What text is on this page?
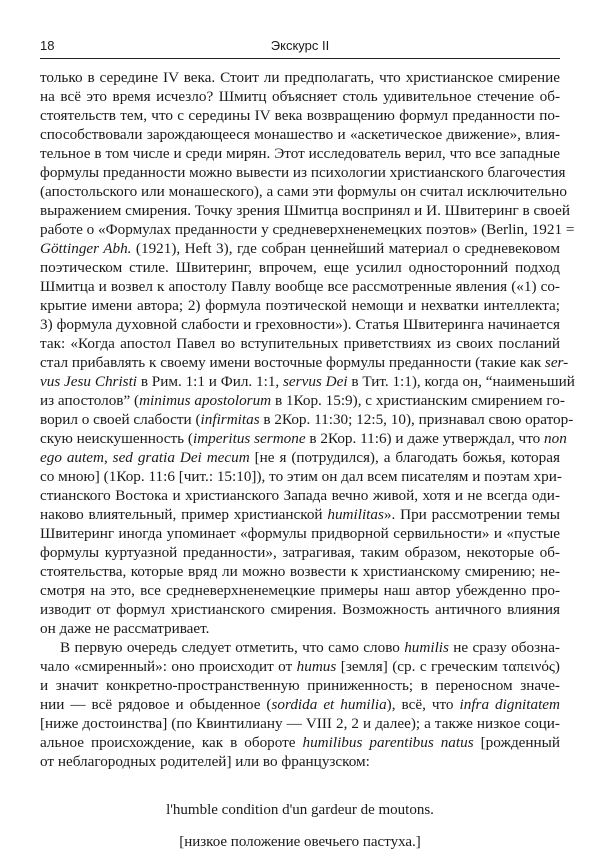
18	Экскурс II
только в середине IV века. Стоит ли предполагать, что христианское смирение
на всё это время исчезло? Шмитц объясняет столь удивительное стечение об-
стоятельств тем, что с середины IV века возвращению формул преданности по-
способствовали зарождающееся монашество и «аскетическое движение», влия-
тельное в том числе и среди мирян. Этот исследователь верил, что все западные
формулы преданности можно вывести из психологии христианского благочестия
(апостольского или монашеского), а сами эти формулы он считал исключительно
выражением смирения. Точку зрения Шмитца воспринял и И. Швитеринг в своей
работе о «Формулах преданности у средневерхненемецких поэтов» (Berlin, 1921 =
Göttinger Abh. (1921), Heft 3), где собран ценнейший материал о средневековом
поэтическом стиле. Швитеринг, впрочем, еще усилил односторонний подход
Шмитца и возвел к апостолу Павлу вообще все рассмотренные явления («1) со-
крытие имени автора; 2) формула поэтической немощи и нехватки интеллекта;
3) формула духовной слабости и греховности»). Статья Швитеринга начинается
так: «Когда апостол Павел во вступительных приветствиях из своих посланий
стал прибавлять к своему имени восточные формулы преданности (такие как ser-
vus Jesu Christi в Рим. 1:1 и Фил. 1:1, servus Dei в Тит. 1:1), когда он, “наименьший
из апостолов” (minimus apostolorum в 1Кор. 15:9), с христианским смирением го-
ворил о своей слабости (infirmitas в 2Кор. 11:30; 12:5, 10), признавал свою оратор-
скую неискушенность (imperitus sermone в 2Кор. 11:6) и даже утверждал, что non
ego autem, sed gratia Dei mecum [не я (потрудился), а благодать божья, которая
со мною] (1Кор. 11:6 [чит.: 15:10]), то этим он дал всем писателям и поэтам хри-
стианского Востока и христианского Запада вечно живой, хотя и не всегда оди-
наково влиятельный, пример христианской humilitas». При рассмотрении темы
Швитеринг иногда упоминает «формулы придворной сервильности» и «пустые
формулы куртуазной преданности», затрагивая, таким образом, некоторые об-
стоятельства, которые вряд ли можно возвести к христианскому смирению; не-
смотря на это, все средневерхненемецкие примеры наш автор убежденно про-
изводит от формул христианского смирения. Возможность античного влияния
он даже не рассматривает.
В первую очередь следует отметить, что само слово humilis не сразу обозна-
чало «смиренный»: оно происходит от humus [земля] (ср. с греческим ταπεινός)
и значит конкретно-пространственную приниженность; в переносном значе-
нии — всё рядовое и обыденное (sordida et humilia), всё, что infra dignitatem
[ниже достоинства] (по Квинтилиану — VIII 2, 2 и далее); а также низкое соци-
альное происхождение, как в обороте humilibus parentibus natus [рожденный
от неблагородных родителей] или во французском:
l'humble condition d'un gardeur de moutons.
[низкое положение овечьего пастуха.]
